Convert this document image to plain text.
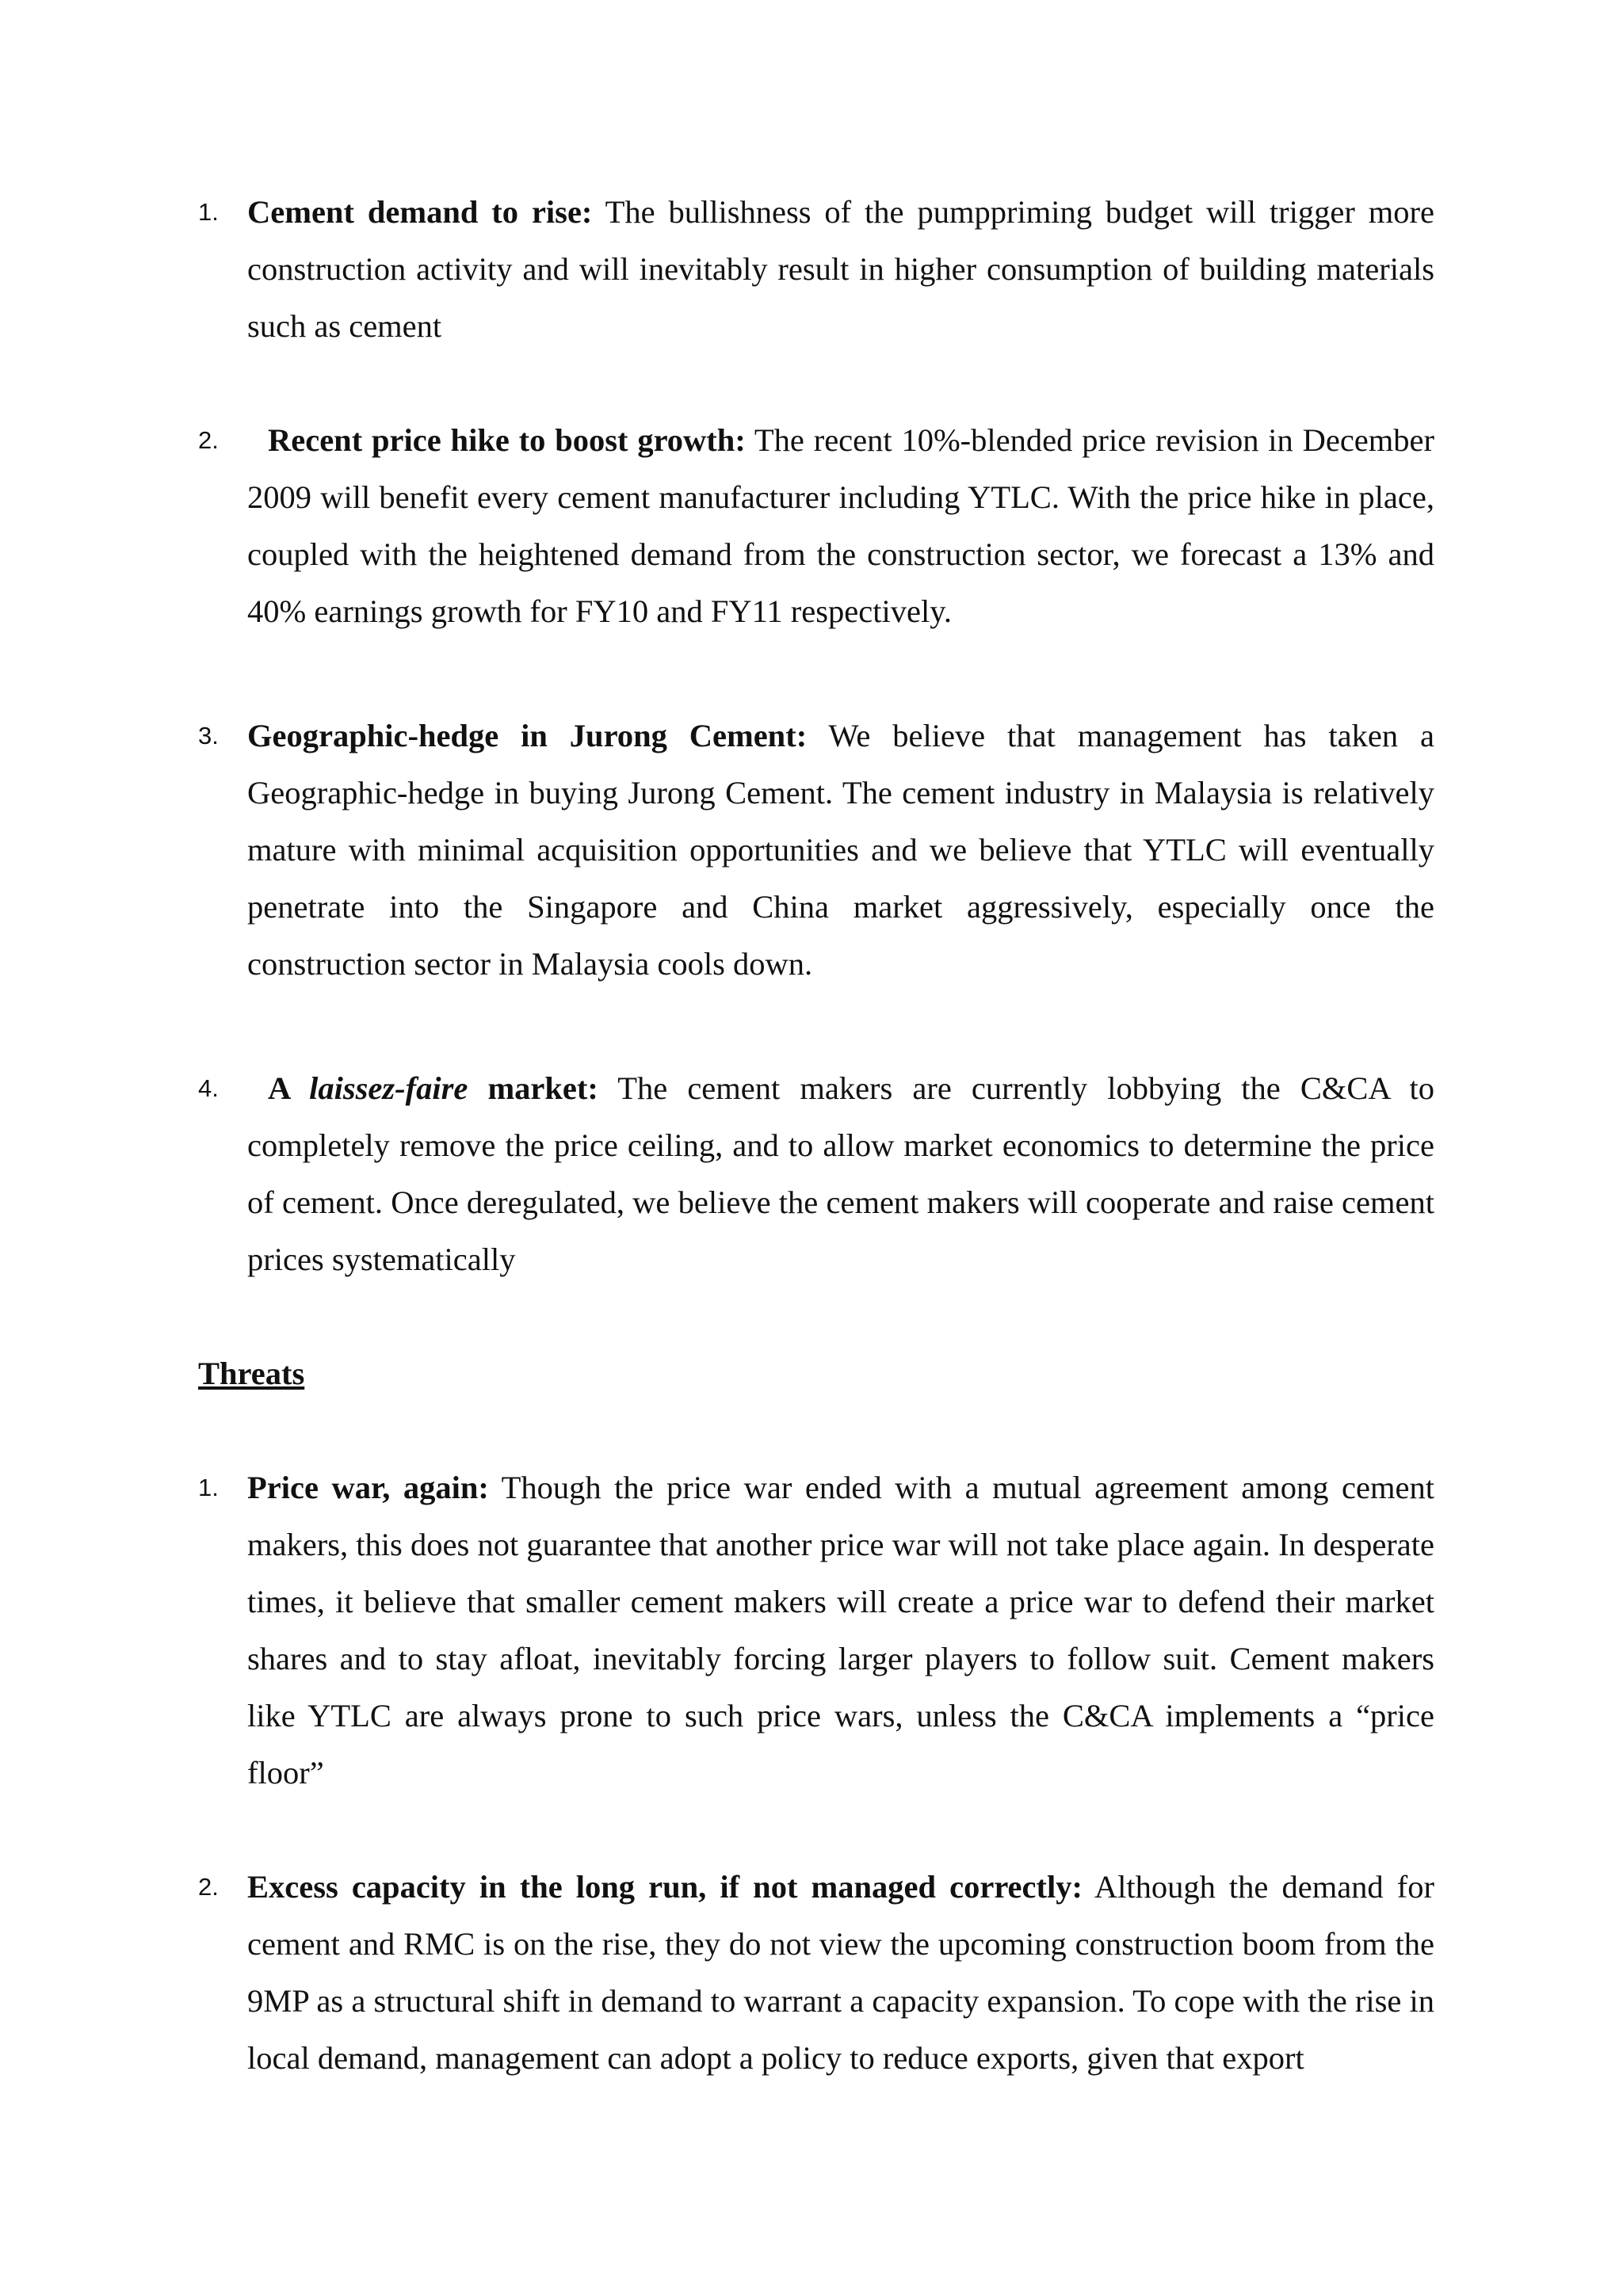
1. Cement demand to rise: The bullishness of the pumppriming budget will trigger more construction activity and will inevitably result in higher consumption of building materials such as cement
2.	Recent price hike to boost growth: The recent 10%-blended price revision in December 2009 will benefit every cement manufacturer including YTLC. With the price hike in place, coupled with the heightened demand from the construction sector, we forecast a 13% and 40% earnings growth for FY10 and FY11 respectively.
3. Geographic-hedge in Jurong Cement: We believe that management has taken a Geographic-hedge in buying Jurong Cement. The cement industry in Malaysia is relatively mature with minimal acquisition opportunities and we believe that YTLC will eventually penetrate into the Singapore and China market aggressively, especially once the construction sector in Malaysia cools down.
4.	A laissez-faire market: The cement makers are currently lobbying the C&CA to completely remove the price ceiling, and to allow market economics to determine the price of cement. Once deregulated, we believe the cement makers will cooperate and raise cement prices systematically
Threats
1. Price war, again: Though the price war ended with a mutual agreement among cement makers, this does not guarantee that another price war will not take place again. In desperate times, it believe that smaller cement makers will create a price war to defend their market shares and to stay afloat, inevitably forcing larger players to follow suit. Cement makers like YTLC are always prone to such price wars, unless the C&CA implements a “price floor”
2. Excess capacity in the long run, if not managed correctly: Although the demand for cement and RMC is on the rise, they do not view the upcoming construction boom from the 9MP as a structural shift in demand to warrant a capacity expansion. To cope with the rise in local demand, management can adopt a policy to reduce exports, given that export
